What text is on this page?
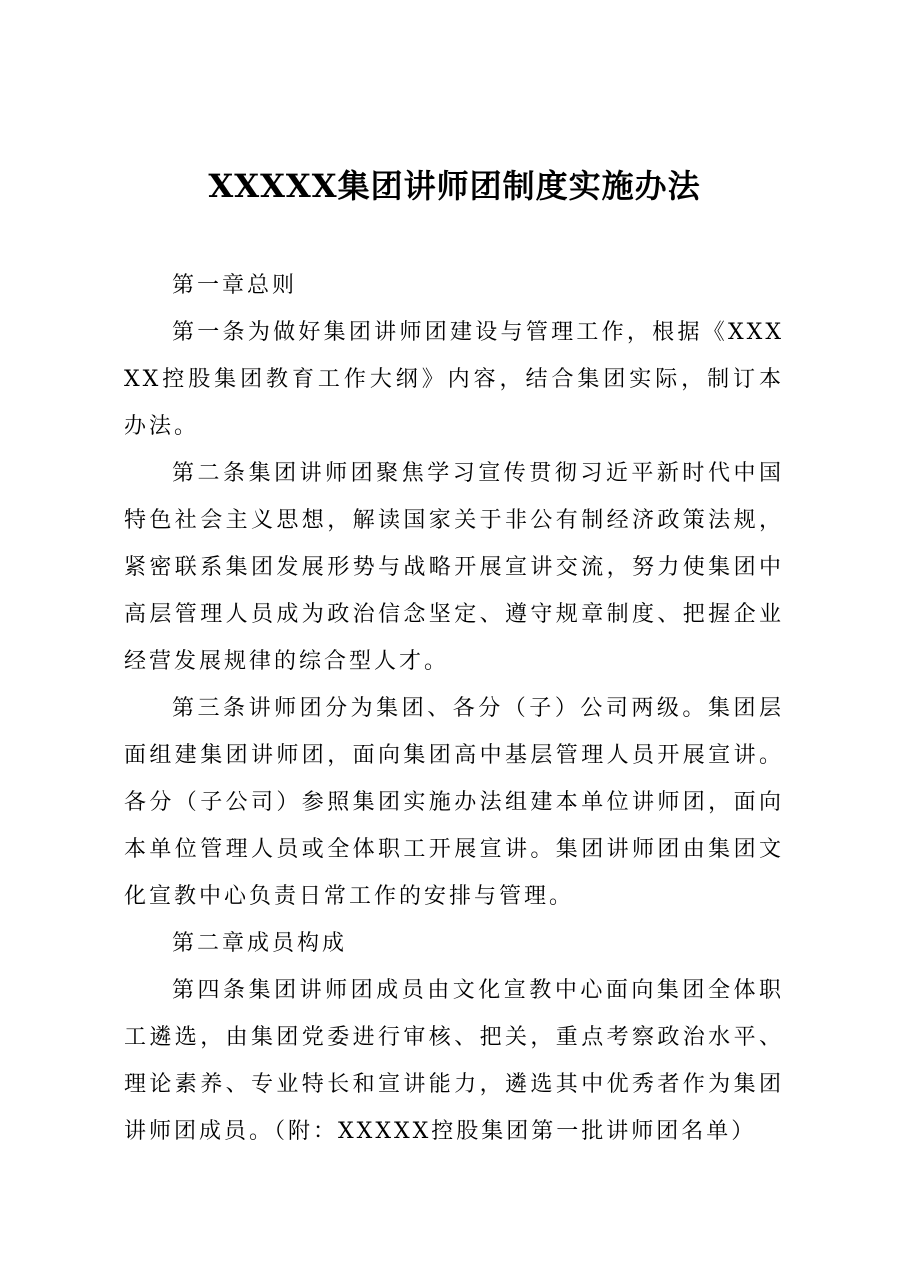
XXXXX集团讲师团制度实施办法

第一章总则

第一条为做好集团讲师团建设与管理工作，根据《XXXXX控股集团教育工作大纲》内容，结合集团实际，制订本办法。

第二条集团讲师团聚焦学习宣传贯彻习近平新时代中国特色社会主义思想，解读国家关于非公有制经济政策法规，紧密联系集团发展形势与战略开展宣讲交流，努力使集团中高层管理人员成为政治信念坚定、遵守规章制度、把握企业经营发展规律的综合型人才。

第三条讲师团分为集团、各分（子）公司两级。集团层面组建集团讲师团，面向集团高中基层管理人员开展宣讲。各分（子公司）参照集团实施办法组建本单位讲师团，面向本单位管理人员或全体职工开展宣讲。集团讲师团由集团文化宣教中心负责日常工作的安排与管理。

第二章成员构成

第四条集团讲师团成员由文化宣教中心面向集团全体职工遴选，由集团党委进行审核、把关，重点考察政治水平、理论素养、专业特长和宣讲能力，遴选其中优秀者作为集团讲师团成员。（附：XXXXX控股集团第一批讲师团名单）
